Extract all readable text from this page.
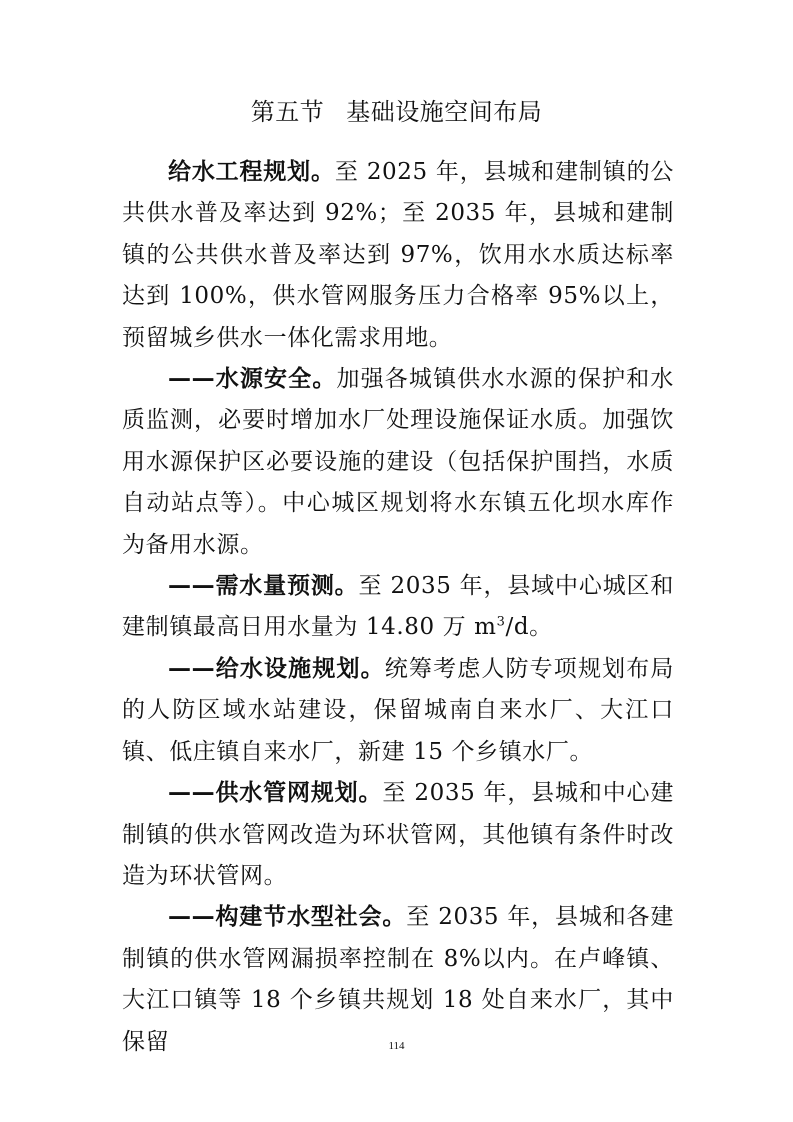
第五节 基础设施空间布局

给水工程规划。至 2025 年，县城和建制镇的公共供水普及率达到 92%；至 2035 年，县城和建制镇的公共供水普及率达到 97%，饮用水水质达标率达到 100%，供水管网服务压力合格率 95%以上，预留城乡供水一体化需求用地。

——水源安全。加强各城镇供水水源的保护和水质监测，必要时增加水厂处理设施保证水质。加强饮用水源保护区必要设施的建设（包括保护围挡，水质自动站点等）。中心城区规划将水东镇五化坝水库作为备用水源。

——需水量预测。至 2035 年，县域中心城区和建制镇最高日用水量为 14.80 万 $m^3/d$。

——给水设施规划。统筹考虑人防专项规划布局的人防区域水站建设，保留城南自来水厂、大江口镇、低庄镇自来水厂，新建 15 个乡镇水厂。

——供水管网规划。至 2035 年，县城和中心建制镇的供水管网改造为环状管网，其他镇有条件时改造为环状管网。

——构建节水型社会。至 2035 年，县城和各建制镇的供水管网漏损率控制在 8%以内。在卢峰镇、大江口镇等 18 个乡镇共规划 18 处自来水厂，其中保留	114
